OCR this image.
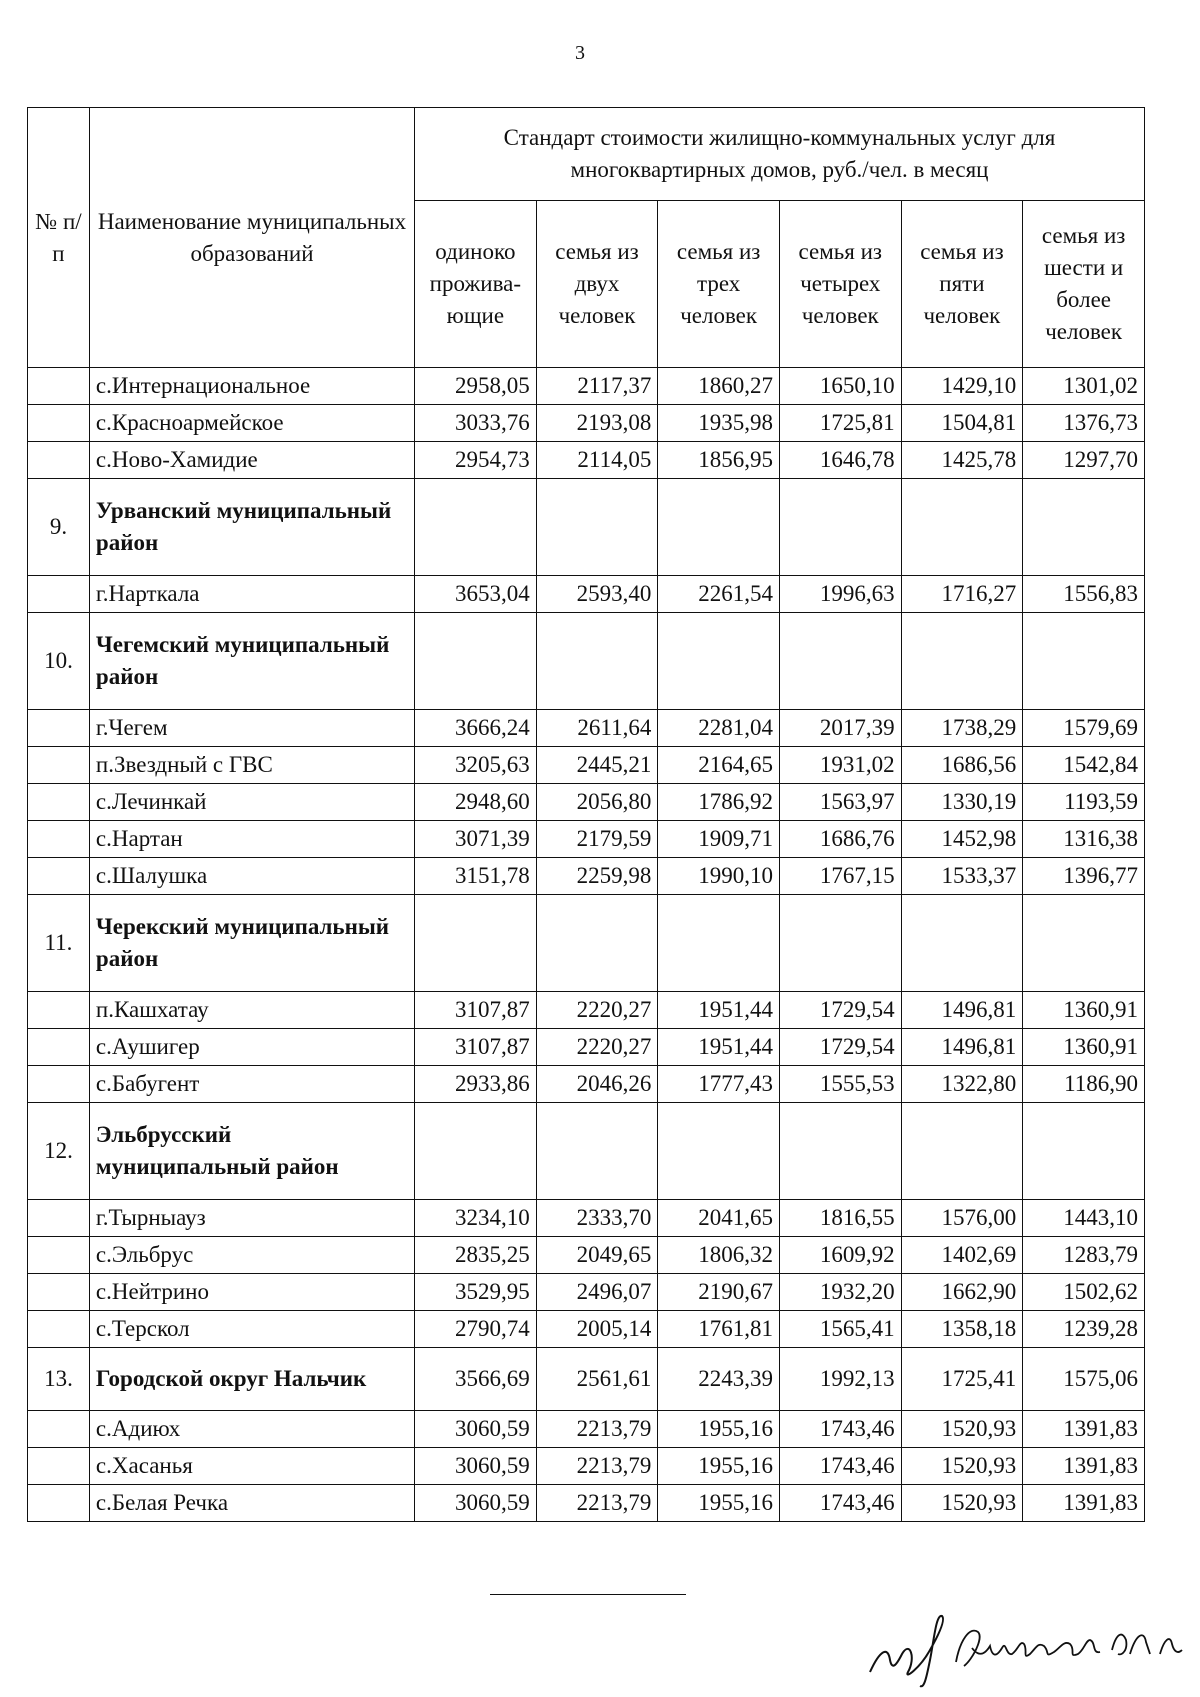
3
№ п/п	Наименование муниципальных образований	Стандарт стоимости жилищно-коммунальных услуг для многоквартирных домов, руб./чел. в месяц					
		одиноко прожива-ющие	семья из двух человек	семья из трех человек	семья из четырех человек	семья из пяти человек	семья из шести и более человек
	с.Интернациональное	2958,05	2117,37	1860,27	1650,10	1429,10	1301,02
	с.Красноармейское	3033,76	2193,08	1935,98	1725,81	1504,81	1376,73
	с.Ново-Хамидие	2954,73	2114,05	1856,95	1646,78	1425,78	1297,70
9.	Урванский муниципальный район						
	г.Нарткала	3653,04	2593,40	2261,54	1996,63	1716,27	1556,83
10.	Чегемский муниципальный район						
	г.Чегем	3666,24	2611,64	2281,04	2017,39	1738,29	1579,69
	п.Звездный с ГВС	3205,63	2445,21	2164,65	1931,02	1686,56	1542,84
	с.Лечинкай	2948,60	2056,80	1786,92	1563,97	1330,19	1193,59
	с.Нартан	3071,39	2179,59	1909,71	1686,76	1452,98	1316,38
	с.Шалушка	3151,78	2259,98	1990,10	1767,15	1533,37	1396,77
11.	Черекский муниципальный район						
	п.Кашхатау	3107,87	2220,27	1951,44	1729,54	1496,81	1360,91
	с.Аушигер	3107,87	2220,27	1951,44	1729,54	1496,81	1360,91
	с.Бабугент	2933,86	2046,26	1777,43	1555,53	1322,80	1186,90
12.	Эльбрусский муниципальный район						
	г.Тырныауз	3234,10	2333,70	2041,65	1816,55	1576,00	1443,10
	с.Эльбрус	2835,25	2049,65	1806,32	1609,92	1402,69	1283,79
	с.Нейтрино	3529,95	2496,07	2190,67	1932,20	1662,90	1502,62
	с.Терскол	2790,74	2005,14	1761,81	1565,41	1358,18	1239,28
13.	Городской округ Нальчик	3566,69	2561,61	2243,39	1992,13	1725,41	1575,06
	с.Адиюх	3060,59	2213,79	1955,16	1743,46	1520,93	1391,83
	с.Хасанья	3060,59	2213,79	1955,16	1743,46	1520,93	1391,83
	с.Белая Речка	3060,59	2213,79	1955,16	1743,46	1520,93	1391,83
